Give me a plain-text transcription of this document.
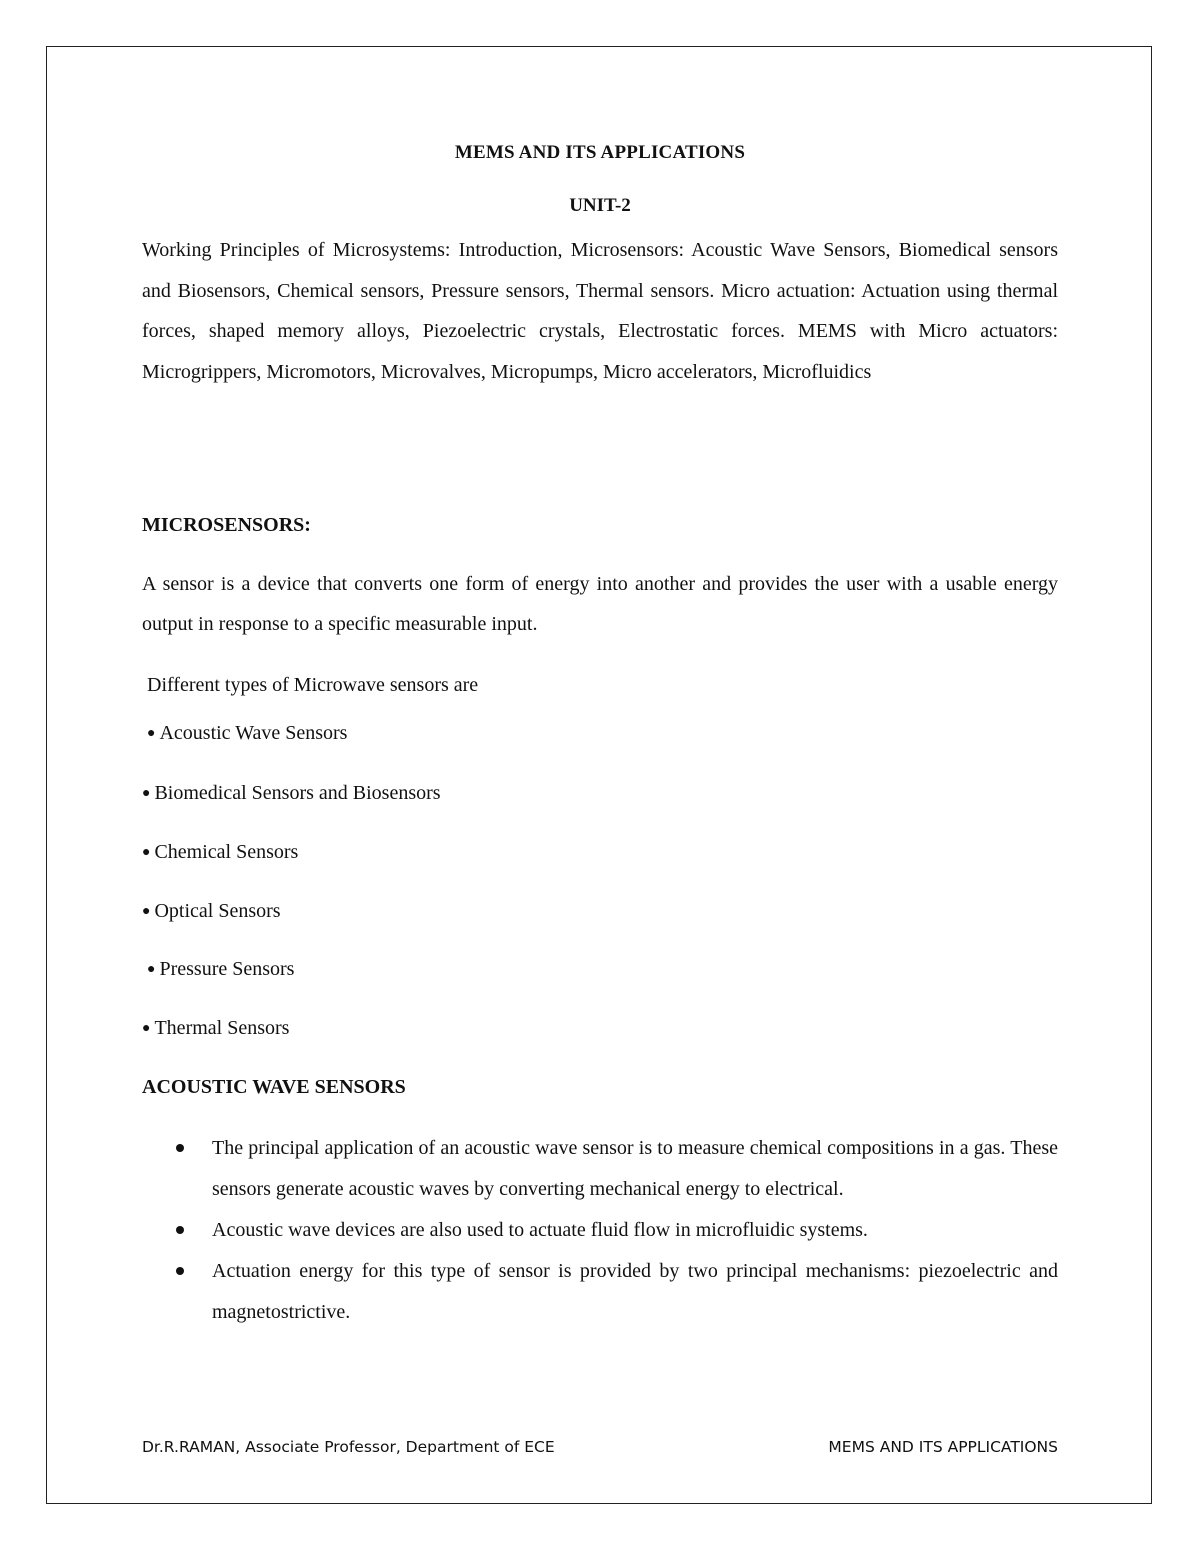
MEMS AND ITS APPLICATIONS
UNIT-2

Working Principles of Microsystems: Introduction, Microsensors: Acoustic Wave Sensors, Biomedical sensors and Biosensors, Chemical sensors, Pressure sensors, Thermal sensors. Micro actuation: Actuation using thermal forces, shaped memory alloys, Piezoelectric crystals, Electrostatic forces. MEMS with Micro actuators: Microgrippers, Micromotors, Microvalves, Micropumps, Micro accelerators, Microfluidics

MICROSENSORS:

A sensor is a device that converts one form of energy into another and provides the user with a usable energy output in response to a specific measurable input.

Different types of Microwave sensors are

● Acoustic Wave Sensors
● Biomedical Sensors and Biosensors
● Chemical Sensors
● Optical Sensors
● Pressure Sensors
● Thermal Sensors
ACOUSTIC WAVE SENSORS
The principal application of an acoustic wave sensor is to measure chemical compositions in a gas. These sensors generate acoustic waves by converting mechanical energy to electrical.
Acoustic wave devices are also used to actuate fluid flow in microfluidic systems.
Actuation energy for this type of sensor is provided by two principal mechanisms: piezoelectric and magnetostrictive.
Dr.R.RAMAN, Associate Professor, Department of ECE	MEMS AND ITS APPLICATIONS
